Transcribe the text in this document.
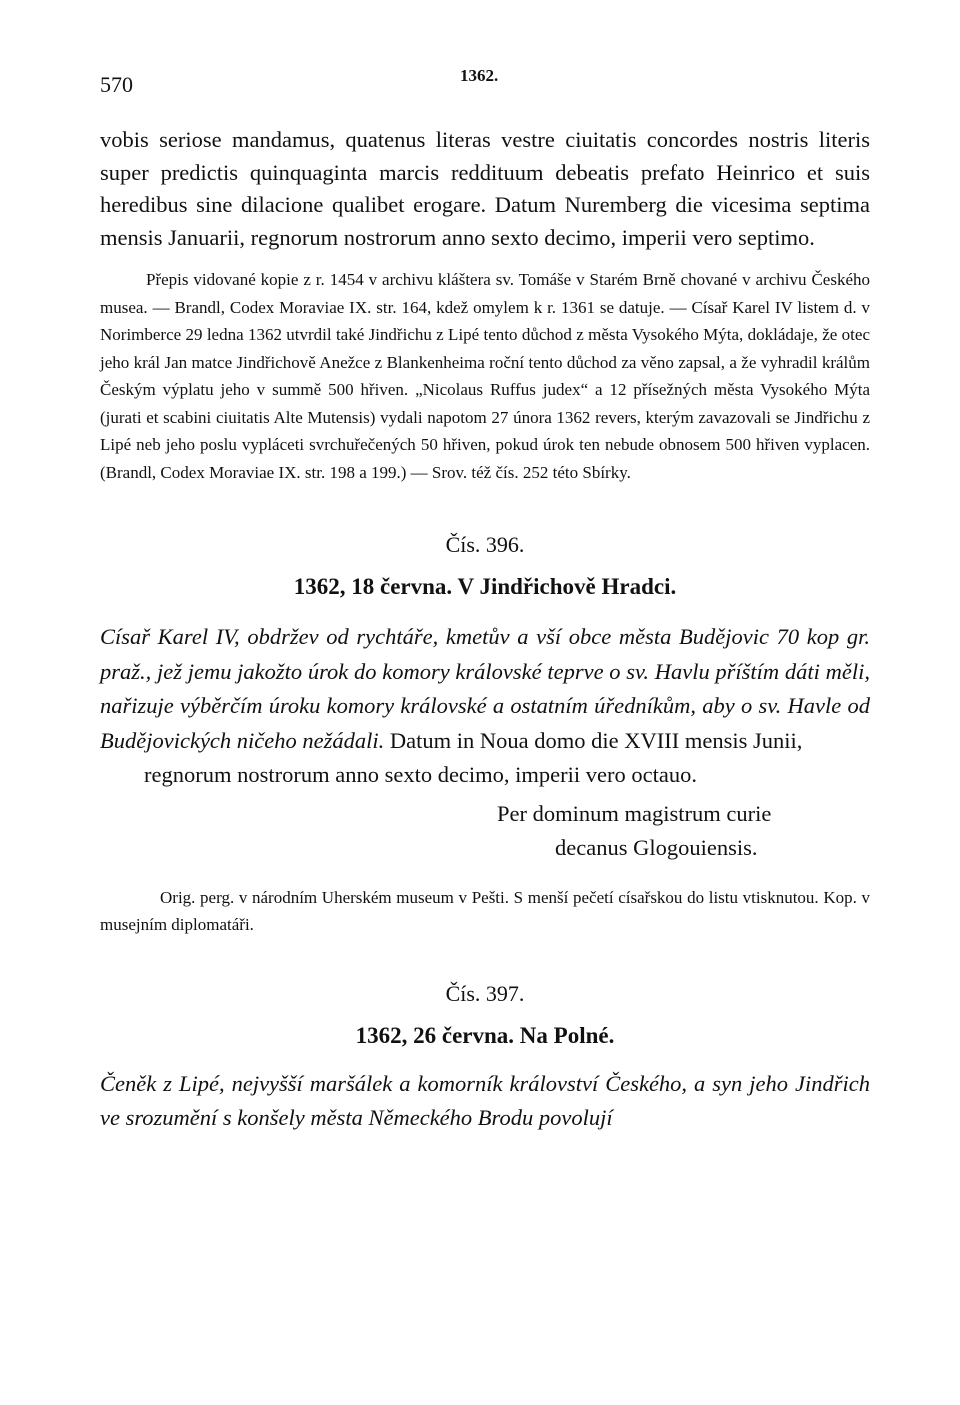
570	1362.

vobis seriose mandamus, quatenus literas vestre ciuitatis concordes nostris literis super predictis quinquaginta marcis reddituum debeatis prefato Heinrico et suis heredibus sine dilacione qualibet erogare. Datum Nuremberg die vicesima septima mensis Januarii, regnorum nostrorum anno sexto decimo, imperii vero septimo.

Přepis vidované kopie z r. 1454 v archivu kláštera sv. Tomáše v Starém Brně chované v archivu Českého musea. — Brandl, Codex Moraviae IX. str. 164, kdež omylem k r. 1361 se datuje. — Císař Karel IV listem d. v Norimberce 29 ledna 1362 utvrdil také Jindřichu z Lipé tento důchod z města Vysokého Mýta, dokládaje, že otec jeho král Jan matce Jindřichově Anežce z Blankenheima roční tento důchod za věno zapsal, a že vyhradil králům Českým výplatu jeho v summě 500 hřiven. „Nicolaus Ruffus judex“ a 12 přísežných města Vysokého Mýta (jurati et scabini ciuitatis Alte Mutensis) vydali napotom 27 února 1362 revers, kterým zavazovali se Jindřichu z Lipé neb jeho poslu vypláceti svrchuřečených 50 hřiven, pokud úrok ten nebude obnosem 500 hřiven vyplacen. (Brandl, Codex Moraviae IX. str. 198 a 199.) — Srov. též čís. 252 této Sbírky.

Čís. 396.
1362, 18 června. V Jindřichově Hradci.

Císař Karel IV, obdržev od rychtáře, kmetův a vší obce města Budějovic 70 kop gr. praž., jež jemu jakožto úrok do komory královské teprve o sv. Havlu příštím dáti měli, nařizuje výběrčím úroku komory královské a ostatním úředníkům, aby o sv. Havle od Budějovických ničeho nežádali. Datum in Noua domo die XVIII mensis Junii,

regnorum nostrorum anno sexto decimo, imperii vero octauo.
Per dominum magistrum curie
decanus Glogouiensis.

Orig. perg. v národním Uherském museum v Pešti. S menší pečetí císařskou do listu vtisknutou. Kop. v musejním diplomatáři.

Čís. 397.
1362, 26 června. Na Polné.

Čeněk z Lipé, nejvyšší maršálek a komorník království Českého, a syn jeho Jindřich ve srozumění s konšely města Německého Brodu povolují
